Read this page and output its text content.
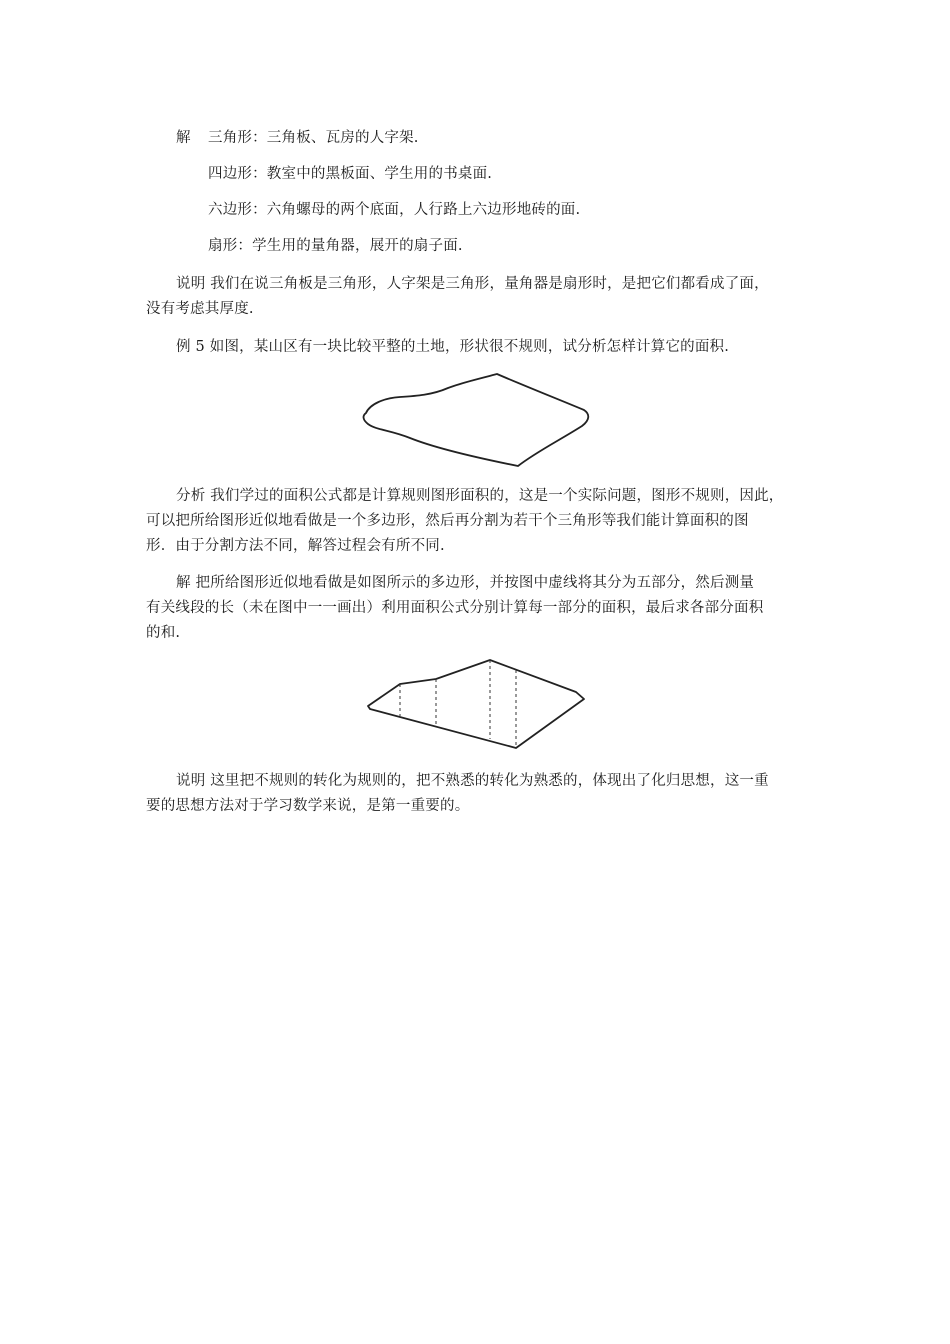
解 三角形：三角板、瓦房的人字架.
四边形：教室中的黑板面、学生用的书桌面.
六边形：六角螺母的两个底面，人行路上六边形地砖的面.
扇形：学生用的量角器，展开的扇子面.
说明 我们在说三角板是三角形，人字架是三角形，量角器是扇形时，是把它们都看成了面，
没有考虑其厚度.
例 5 如图，某山区有一块比较平整的土地，形状很不规则，试分析怎样计算它的面积.
分析 我们学过的面积公式都是计算规则图形面积的，这是一个实际问题，图形不规则，因此，
可以把所给图形近似地看做是一个多边形，然后再分割为若干个三角形等我们能计算面积的图
形．由于分割方法不同，解答过程会有所不同.
解 把所给图形近似地看做是如图所示的多边形，并按图中虚线将其分为五部分，然后测量
有关线段的长（未在图中一一画出）利用面积公式分别计算每一部分的面积，最后求各部分面积
的和.
说明 这里把不规则的转化为规则的，把不熟悉的转化为熟悉的，体现出了化归思想，这一重
要的思想方法对于学习数学来说，是第一重要的。
